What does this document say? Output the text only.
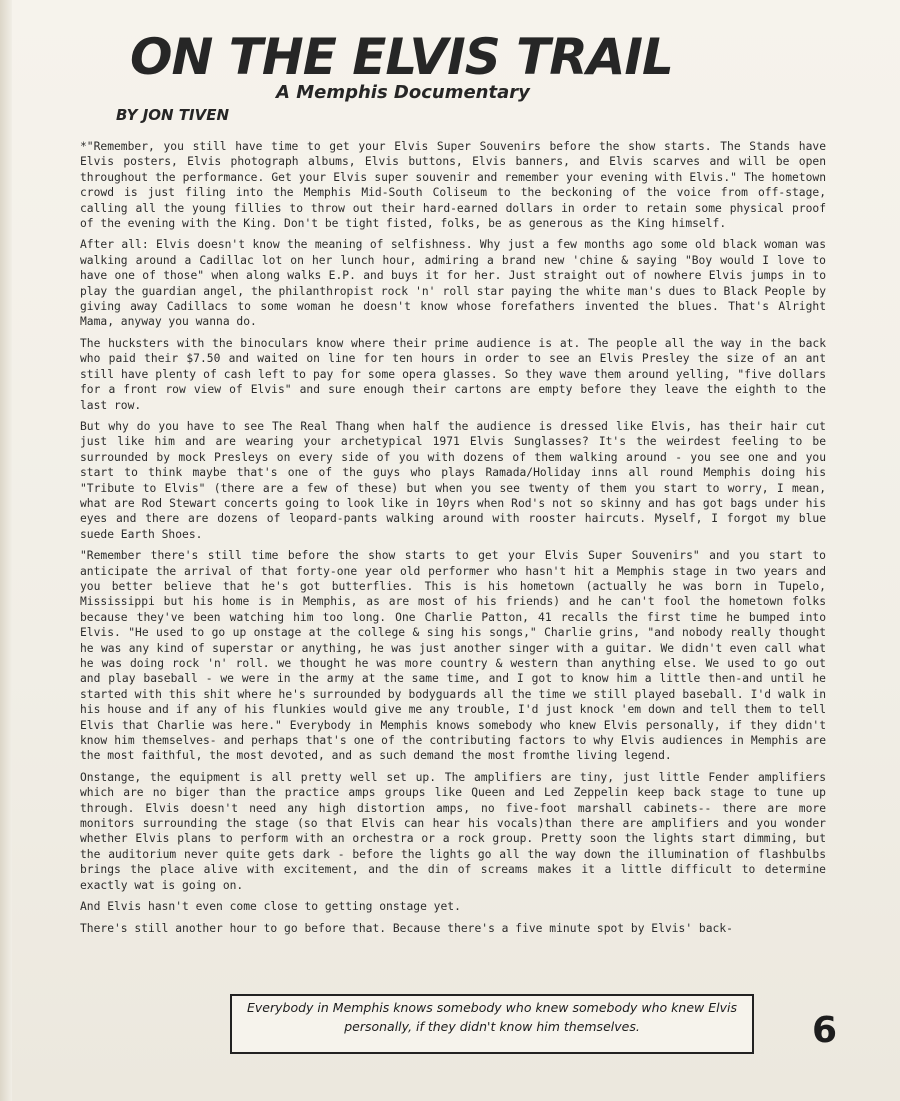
ON THE ELVIS TRAIL
A Memphis Documentary
BY JON TIVEN

*"Remember, you still have time to get your Elvis Super Souvenirs before the show starts. The Stands have Elvis posters, Elvis photograph albums, Elvis buttons, Elvis banners, and Elvis scarves and will be open throughout the performance. Get your Elvis super souvenir and remember your evening with Elvis." The hometown crowd is just filing into the Memphis Mid-South Coliseum to the beckoning of the voice from off-stage, calling all the young fillies to throw out their hard-earned dollars in order to retain some physical proof of the evening with the King. Don't be tight fisted, folks, be as generous as the King himself.

After all: Elvis doesn't know the meaning of selfishness. Why just a few months ago some old black woman was walking around a Cadillac lot on her lunch hour, admiring a brand new 'chine & saying "Boy would I love to have one of those" when along walks E.P. and buys it for her. Just straight out of nowhere Elvis jumps in to play the guardian angel, the philanthropist rock 'n' roll star paying the white man's dues to Black People by giving away Cadillacs to some woman he doesn't know whose forefathers invented the blues. That's Alright Mama, anyway you wanna do.

The hucksters with the binoculars know where their prime audience is at. The people all the way in the back who paid their $7.50 and waited on line for ten hours in order to see an Elvis Presley the size of an ant still have plenty of cash left to pay for some opera glasses. So they wave them around yelling, "five dollars for a front row view of Elvis" and sure enough their cartons are empty before they leave the eighth to the last row.

But why do you have to see The Real Thang when half the audience is dressed like Elvis, has their hair cut just like him and are wearing your archetypical 1971 Elvis Sunglasses? It's the weirdest feeling to be surrounded by mock Presleys on every side of you with dozens of them walking around - you see one and you start to think maybe that's one of the guys who plays Ramada/Holiday inns all round Memphis doing his "Tribute to Elvis" (there are a few of these) but when you see twenty of them you start to worry, I mean, what are Rod Stewart concerts going to look like in 10yrs when Rod's not so skinny and has got bags under his eyes and there are dozens of leopard-pants walking around with rooster haircuts. Myself, I forgot my blue suede Earth Shoes.

"Remember there's still time before the show starts to get your Elvis Super Souvenirs" and you start to anticipate the arrival of that forty-one year old performer who hasn't hit a Memphis stage in two years and you better believe that he's got butterflies. This is his hometown (actually he was born in Tupelo, Mississippi but his home is in Memphis, as are most of his friends) and he can't fool the hometown folks because they've been watching him too long. One Charlie Patton, 41 recalls the first time he bumped into Elvis. "He used to go up onstage at the college & sing his songs," Charlie grins, "and nobody really thought he was any kind of superstar or anything, he was just another singer with a guitar. We didn't even call what he was doing rock 'n' roll. we thought he was more country & western than anything else. We used to go out and play baseball - we were in the army at the same time, and I got to know him a little then-and until he started with this shit where he's surrounded by bodyguards all the time we still played baseball. I'd walk in his house and if any of his flunkies would give me any trouble, I'd just knock 'em down and tell them to tell Elvis that Charlie was here." Everybody in Memphis knows somebody who knew Elvis personally, if they didn't know him themselves- and perhaps that's one of the contributing factors to why Elvis audiences in Memphis are the most faithful, the most devoted, and as such demand the most fromthe living legend.

Onstange, the equipment is all pretty well set up. The amplifiers are tiny, just little Fender amplifiers which are no biger than the practice amps groups like Queen and Led Zeppelin keep back stage to tune up through. Elvis doesn't need any high distortion amps, no five-foot marshall cabinets-- there are more monitors surrounding the stage (so that Elvis can hear his vocals)than there are amplifiers and you wonder whether Elvis plans to perform with an orchestra or a rock group. Pretty soon the lights start dimming, but the auditorium never quite gets dark - before the lights go all the way down the illumination of flashbulbs brings the place alive with excitement, and the din of screams makes it a little difficult to determine exactly wat is going on.

And Elvis hasn't even come close to getting onstage yet.

There's still another hour to go before that. Because there's a five minute spot by Elvis' back-

Everybody in Memphis knows somebody who knew somebody who knew Elvis personally, if they didn't know him themselves.	6
